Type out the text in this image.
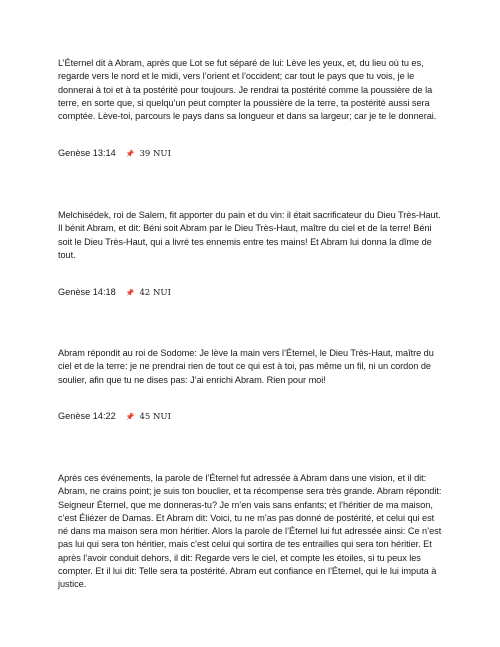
L’Éternel dit à Abram, après que Lot se fut séparé de lui: Lève les yeux, et, du lieu où tu es, regarde vers le nord et le midi, vers l’orient et l’occident; car tout le pays que tu vois, je le donnerai à toi et à ta postérité pour toujours. Je rendrai ta postérité comme la poussière de la terre, en sorte que, si quelqu’un peut compter la poussière de la terre, ta postérité aussi sera comptée. Lève-toi, parcours le pays dans sa longueur et dans sa largeur; car je te le donnerai.

Genèse 13:14 📌 39 NUI

Melchisédek, roi de Salem, fit apporter du pain et du vin: il était sacrificateur du Dieu Très-Haut. Il bénit Abram, et dit: Béni soit Abram par le Dieu Très-Haut, maître du ciel et de la terre! Béni soit le Dieu Très-Haut, qui a livré tes ennemis entre tes mains! Et Abram lui donna la dîme de tout.

Genèse 14:18 📌 42 NUI

Abram répondit au roi de Sodome: Je lève la main vers l’Éternel, le Dieu Très-Haut, maître du ciel et de la terre: je ne prendrai rien de tout ce qui est à toi, pas même un fil, ni un cordon de soulier, afin que tu ne dises pas: J’ai enrichi Abram. Rien pour moi!

Genèse 14:22 📌 45 NUI

Après ces événements, la parole de l’Éternel fut adressée à Abram dans une vision, et il dit: Abram, ne crains point; je suis ton bouclier, et ta récompense sera très grande. Abram répondit: Seigneur Éternel, que me donneras-tu? Je m’en vais sans enfants; et l’héritier de ma maison, c’est Éliézer de Damas. Et Abram dit: Voici, tu ne m’as pas donné de postérité, et celui qui est né dans ma maison sera mon héritier. Alors la parole de l’Éternel lui fut adressée ainsi: Ce n’est pas lui qui sera ton héritier, mais c’est celui qui sortira de tes entrailles qui sera ton héritier. Et après l’avoir conduit dehors, il dit: Regarde vers le ciel, et compte les étoiles, si tu peux les compter. Et il lui dit: Telle sera ta postérité. Abram eut confiance en l’Éternel, qui le lui imputa à justice.
